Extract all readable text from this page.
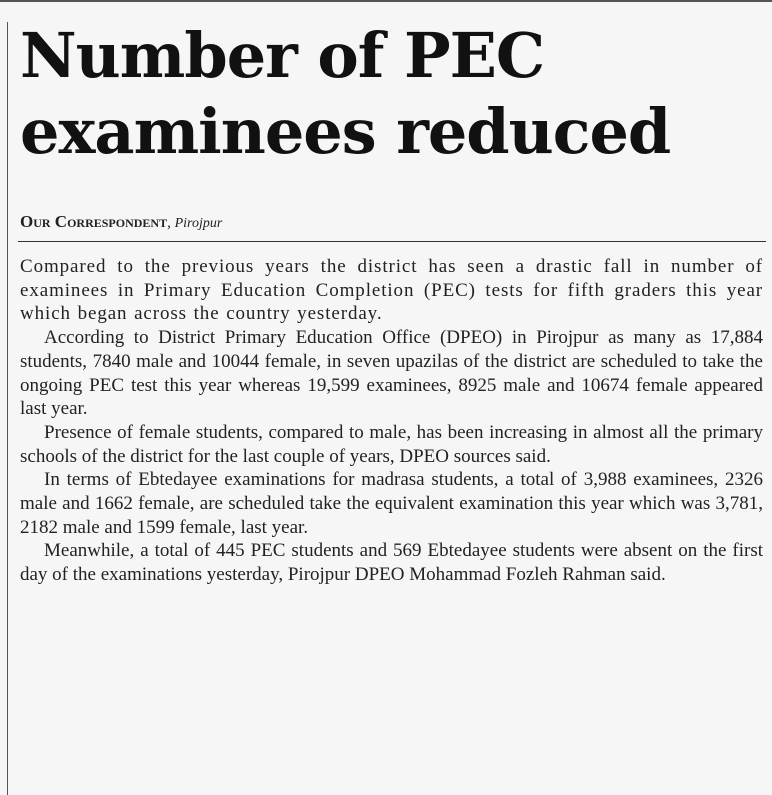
Number of PEC examinees reduced
Our Correspondent, Pirojpur

Compared to the previous years the district has seen a drastic fall in number of examinees in Primary Education Completion (PEC) tests for fifth graders this year which began across the country yesterday.

According to District Primary Education Office (DPEO) in Pirojpur as many as 17,884 students, 7840 male and 10044 female, in seven upazilas of the district are scheduled to take the ongoing PEC test this year whereas 19,599 examinees, 8925 male and 10674 female appeared last year.

Presence of female students, compared to male, has been increasing in almost all the primary schools of the district for the last couple of years, DPEO sources said.

In terms of Ebtedayee examinations for madrasa students, a total of 3,988 examinees, 2326 male and 1662 female, are scheduled take the equivalent examination this year which was 3,781, 2182 male and 1599 female, last year.

Meanwhile, a total of 445 PEC students and 569 Ebtedayee students were absent on the first day of the examinations yesterday, Pirojpur DPEO Mohammad Fozleh Rahman said.
